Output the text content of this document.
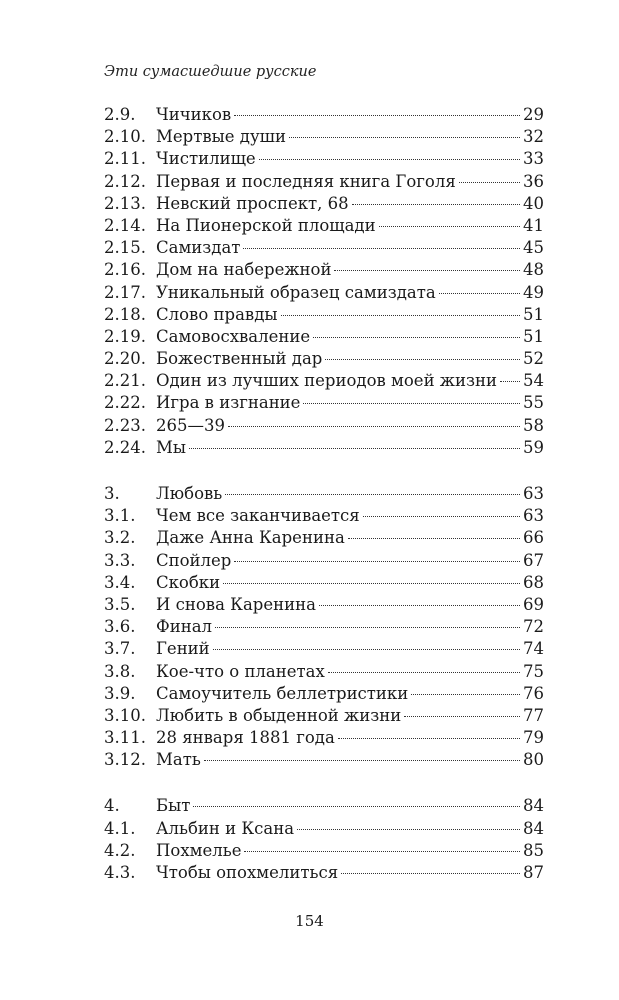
Эти сумасшедшие русские
2.9.	Чичиков	29
2.10. Мертвые души	32
2.11. Чистилище	33
2.12. Первая и последняя книга Гоголя	36
2.13. Невский проспект, 68	40
2.14. На Пионерской площади	41
2.15. Самиздат	45
2.16. Дом на набережной	48
2.17. Уникальный образец самиздата	49
2.18. Слово правды	51
2.19. Самовосхваление	51
2.20. Божественный дар	52
2.21. Один из лучших периодов моей жизни 54
2.22. Игра в изгнание	55
2.23. 265—39	58
2.24. Мы	59
3.	Любовь	63
3.1.	Чем все заканчивается	63
3.2.	Даже Анна Каренина	66
3.3.	Спойлер	67
3.4.	Скобки	68
3.5.	И снова Каренина	69
3.6.	Финал	72
3.7.	Гений	74
3.8.	Кое-что о планетах	75
3.9.	Самоучитель беллетристики	76
3.10. Любить в обыденной жизни	77
3.11. 28 января 1881 года	79
3.12. Мать	80
4.	Быт	84
4.1.	Альбин и Ксана	84
4.2.	Похмелье	85
4.3.	Чтобы опохмелиться	87
154
